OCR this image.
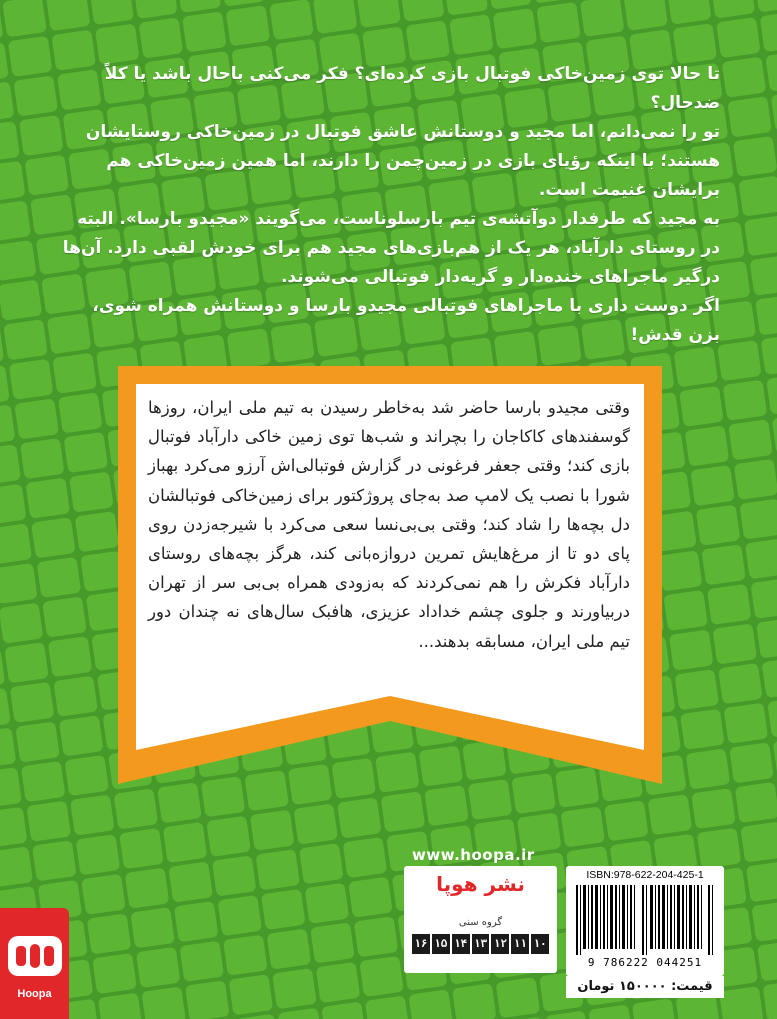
تا حالا توی زمین‌خاکی فوتبال بازی کرده‌ای؟ فکر می‌کنی باحال باشد یا کلاً ضدحال؟

تو را نمی‌دانم، اما مجید و دوستانش عاشق فوتبال در زمین‌خاکی روستایشان هستند؛ با اینکه رؤیای بازی در زمین‌چمن را دارند، اما همین زمین‌خاکی هم برایشان غنیمت است.

به مجید که طرفدار دوآتشه‌ی تیم بارسلوناست، می‌گویند «مجیدو بارسا». البته در روستای دارآباد، هر یک از هم‌بازی‌های مجید هم برای خودش لقبی دارد. آن‌ها درگیر ماجراهای خنده‌دار و گریه‌دار فوتبالی می‌شوند.

اگر دوست داری با ماجراهای فوتبالی مجیدو بارسا و دوستانش همراه شوی، بزن قدش!

وقتی مجیدو بارسا حاضر شد به‌خاطر رسیدن به تیم ملی ایران، روزها گوسفندهای کاکاجان را بچراند و شب‌ها توی زمین خاکی دارآباد فوتبال بازی کند؛ وقتی جعفر فرغونی در گزارش فوتبالی‌اش آرزو می‌کرد بهباز شورا با نصب یک لامپ صد به‌جای پروژکتور برای زمین‌خاکی فوتبالشان دل بچه‌ها را شاد کند؛ وقتی بی‌بی‌نسا سعی می‌کرد با شیرجه‌زدن روی پای دو تا از مرغ‌هایش تمرین دروازه‌بانی کند، هرگز بچه‌های روستای دارآباد فکرش را هم نمی‌کردند که به‌زودی همراه بی‌بی سر از تهران دربیاورند و جلوی چشم خداداد عزیزی، هافبک سال‌های نه چندان دور تیم ملی ایران، مسابقه بدهند...
www.hoopa.ir
نشر هوپا
گروه سنی
۱۰
۱۱
۱۲
۱۳
۱۴
۱۵
۱۶
ISBN:978-622-204-425-1
9 786222 044251
قیمت: ۱۵۰۰۰۰ تومان
Hoopa
